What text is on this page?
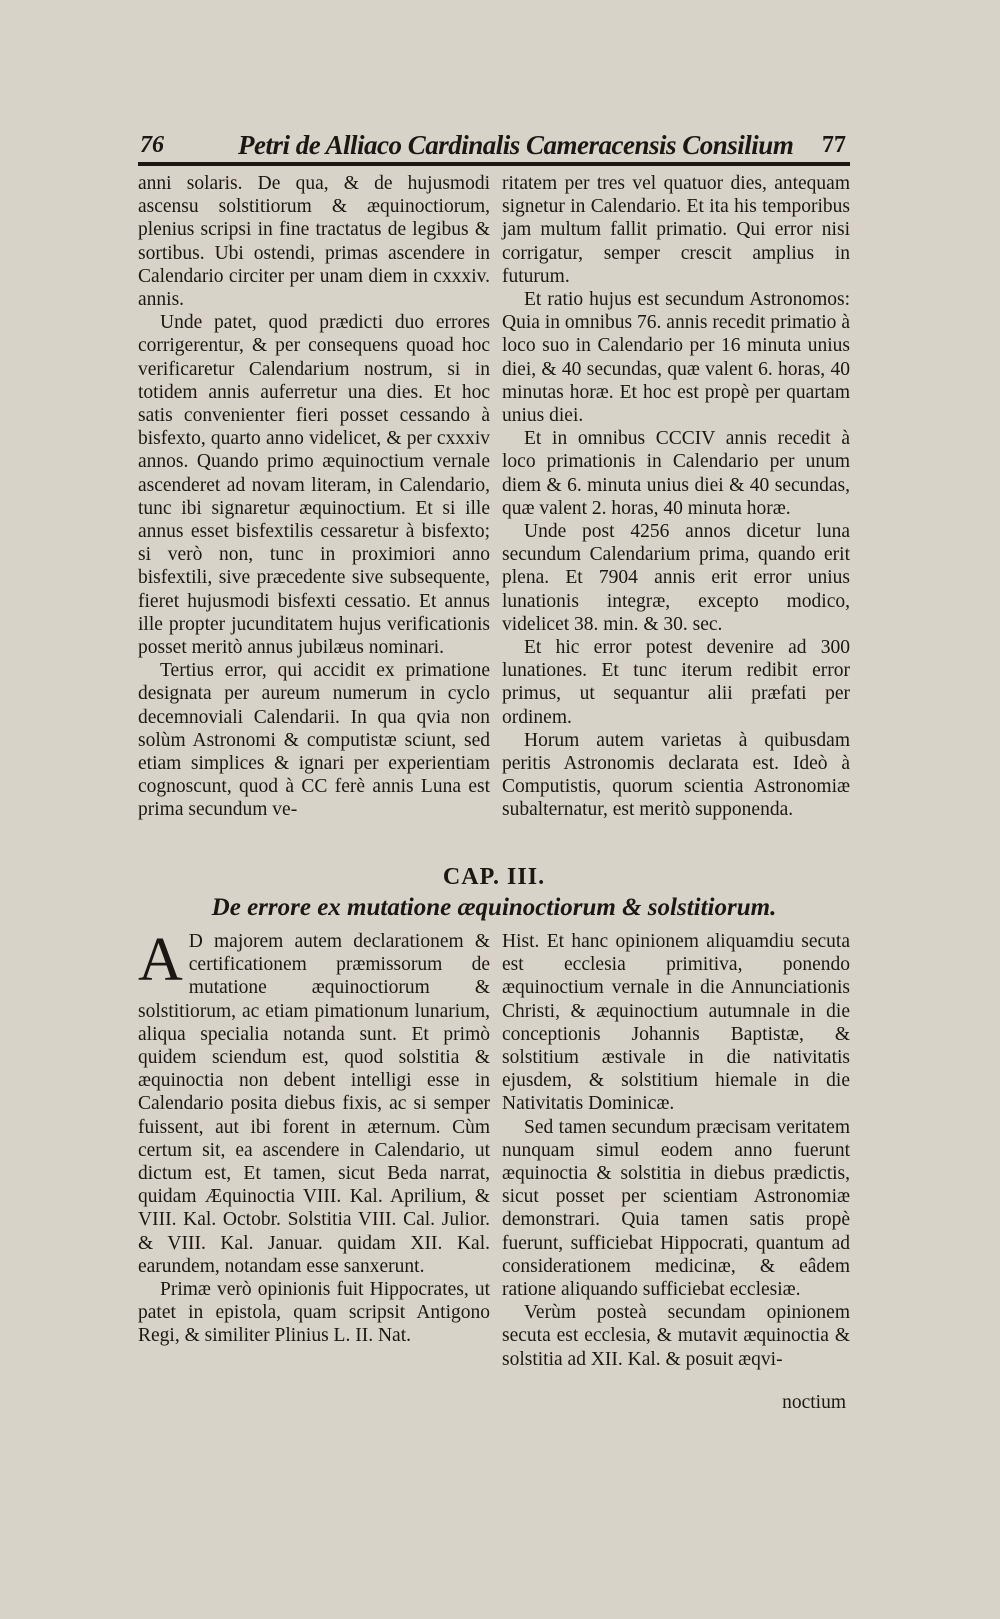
76	Petri de Alliaco Cardinalis Cameracensis Consilium 77

anni solaris. De qua, & de hujusmodi ascensu solstitiorum & æquinoctiorum, plenius scripsi in fine tractatus de legibus & sortibus. Ubi ostendi, primas ascendere in Calendario circiter per unam diem in cxxxiv. annis.

Unde patet, quod prædicti duo errores corrigerentur, & per consequens quoad hoc verificaretur Calendarium nostrum, si in totidem annis auferretur una dies. Et hoc satis convenienter fieri posset cessando à bisfexto, quarto anno videlicet, & per cxxxiv annos. Quando primo æquinoctium vernale ascenderet ad novam literam, in Calendario, tunc ibi signaretur æquinoctium. Et si ille annus esset bisfextilis cessaretur à bisfexto; si verò non, tunc in proximiori anno bisfextili, sive præcedente sive subsequente, fieret hujusmodi bisfexti cessatio. Et annus ille propter jucunditatem hujus verificationis posset meritò annus jubilæus nominari.

Tertius error, qui accidit ex primatione designata per aureum numerum in cyclo decemnoviali Calendarii. In qua qvia non solùm Astronomi & computistæ sciunt, sed etiam simplices & ignari per experientiam cognoscunt, quod à CC ferè annis Luna est prima secundum ve-

ritatem per tres vel quatuor dies, antequam signetur in Calendario. Et ita his temporibus jam multum fallit primatio. Qui error nisi corrigatur, semper crescit amplius in futurum.

Et ratio hujus est secundum Astronomos: Quia in omnibus 76. annis recedit primatio à loco suo in Calendario per 16 minuta unius diei, & 40 secundas, quæ valent 6. horas, 40 minutas horæ. Et hoc est propè per quartam unius diei.

Et in omnibus CCCIV annis recedit à loco primationis in Calendario per unum diem & 6. minuta unius diei & 40 secundas, quæ valent 2. horas, 40 minuta horæ.

Unde post 4256 annos dicetur luna secundum Calendarium prima, quando erit plena. Et 7904 annis erit error unius lunationis integræ, excepto modico, videlicet 38. min. & 30. sec.

Et hic error potest devenire ad 300 lunationes. Et tunc iterum redibit error primus, ut sequantur alii præfati per ordinem.

Horum autem varietas à quibusdam peritis Astronomis declarata est. Ideò à Computistis, quorum scientia Astronomiæ subalternatur, est meritò supponenda.

CAP. III.
De errore ex mutatione æquinoctiorum & solstitiorum.

A D majorem autem declarationem & certificationem præmissorum de mutatione æquinoctiorum & solstitiorum, ac etiam pimationum lunarium, aliqua specialia notanda sunt. Et primò quidem sciendum est, quod solstitia & æquinoctia non debent intelligi esse in Calendario posita diebus fixis, ac si semper fuissent, aut ibi forent in æternum. Cùm certum sit, ea ascendere in Calendario, ut dictum est, Et tamen, sicut Beda narrat, quidam Æquinoctia VIII. Kal. Aprilium, & VIII. Kal. Octobr. Solstitia VIII. Cal. Julior. & VIII. Kal. Januar. quidam XII. Kal. earundem, notandam esse sanxerunt.

Primæ verò opinionis fuit Hippocrates, ut patet in epistola, quam scripsit Antigono Regi, & similiter Plinius L. II. Nat.

Hist. Et hanc opinionem aliquamdiu secuta est ecclesia primitiva, ponendo æquinoctium vernale in die Annunciationis Christi, & æquinoctium autumnale in die conceptionis Johannis Baptistæ, & solstitium æstivale in die nativitatis ejusdem, & solstitium hiemale in die Nativitatis Dominicæ.

Sed tamen secundum præcisam veritatem nunquam simul eodem anno fuerunt æquinoctia & solstitia in diebus prædictis, sicut posset per scientiam Astronomiæ demonstrari. Quia tamen satis propè fuerunt, sufficiebat Hippocrati, quantum ad considerationem medicinæ, & eâdem ratione aliquando sufficiebat ecclesiæ.

Verùm posteà secundam opinionem secuta est ecclesia, & mutavit æquinoctia & solstitia ad XII. Kal. & posuit æqvi-

noctium
